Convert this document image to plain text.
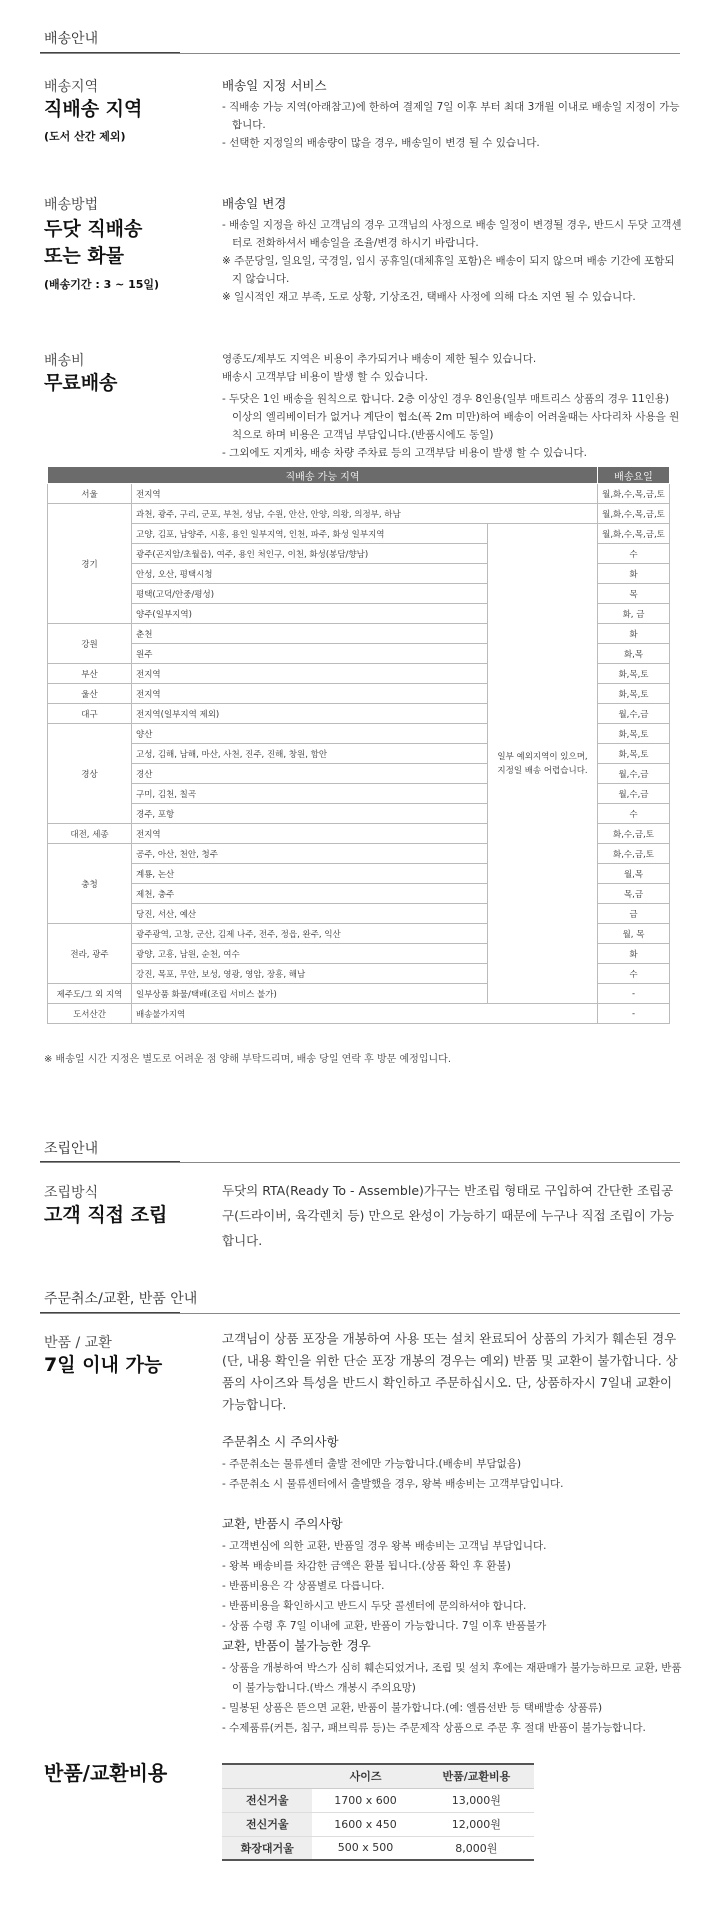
배송안내
배송지역
직배송 지역
(도서 산간 제외)
배송일 지정 서비스
- 직배송 가능 지역(아래참고)에 한하여 결제일 7일 이후 부터 최대 3개월 이내로 배송일 지정이 가능합니다.
- 선택한 지정일의 배송량이 많을 경우, 배송일이 변경 될 수 있습니다.
배송방법
두닷 직배송
또는 화물
(배송기간 : 3 ~ 15일)
배송일 변경
- 배송일 지정을 하신 고객님의 경우 고객님의 사정으로 배송 일정이 변경될 경우, 반드시 두닷 고객센터로 전화하셔서 배송일을 조율/변경 하시기 바랍니다.
※ 주문당일, 일요일, 국경일, 임시 공휴일(대체휴일 포함)은 배송이 되지 않으며 배송 기간에 포함되지 않습니다.
※ 일시적인 재고 부족, 도로 상황, 기상조건, 택배사 사정에 의해 다소 지연 될 수 있습니다.
배송비
무료배송
영종도/제부도 지역은 비용이 추가되거나 배송이 제한 될수 있습니다.
배송시 고객부담 비용이 발생 할 수 있습니다.
- 두닷은 1인 배송을 원칙으로 합니다. 2층 이상인 경우 8인용(일부 매트리스 상품의 경우 11인용) 이상의 엘리베이터가 없거나 계단이 협소(폭 2m 미만)하여 배송이 어려울때는 사다리차 사용을 원칙으로 하며 비용은 고객님 부담입니다.(반품시에도 동일)
- 그외에도 지게차, 배송 차량 주차료 등의 고객부담 비용이 발생 할 수 있습니다.
직배송 가능 지역			배송요일
서울	전지역		월,화,수,목,금,토
경기	과천, 광주, 구리, 군포, 부천, 성남, 수원, 안산, 안양, 의왕, 의정부, 하남		월,화,수,목,금,토
	고양, 김포, 남양주, 시흥, 용인 일부지역, 인천, 파주, 화성 일부지역	일부 예외지역이 있으며, 지정일 배송 어렵습니다.	월,화,수,목,금,토
	광주(곤지암/초월읍), 여주, 용인 처인구, 이천, 화성(봉담/향남)		수
	안성, 오산, 평택시청		화
	평택(고덕/안중/평성)		목
	양주(일부지역)		화, 금
강원	춘천		화
	원주		화,목
부산	전지역		화,목,토
울산	전지역		화,목,토
대구	전지역(일부지역 제외)		월,수,금
경상	양산		화,목,토
	고성, 김해, 남해, 마산, 사천, 진주, 진해, 창원, 함안		화,목,토
	경산		월,수,금
	구미, 김천, 칠곡		월,수,금
	경주, 포항		수
대전, 세종	전지역		화,수,금,토
충청	공주, 아산, 천안, 청주		화,수,금,토
	계룡, 논산		월,목
	제천, 충주		목,금
	당진, 서산, 예산		금
전라, 광주	광주광역, 고창, 군산, 김제 나주, 전주, 정읍, 완주, 익산		월, 목
	광양, 고흥, 남원, 순천, 여수		화
	강진, 목포, 무안, 보성, 영광, 영암, 장흥, 해남		수
제주도/그 외 지역	일부상품 화물/택배(조립 서비스 불가)		-
도서산간	배송불가지역		-
※ 배송일 시간 지정은 별도로 어려운 점 양해 부탁드리며, 배송 당일 연락 후 방문 예정입니다.
조립안내
조립방식
고객 직접 조립
두닷의 RTA(Ready To - Assemble)가구는 반조립 형태로 구입하여 간단한 조립공구(드라이버, 육각렌치 등) 만으로 완성이 가능하기 때문에 누구나 직접 조립이 가능합니다.
주문취소/교환, 반품 안내
반품 / 교환
7일 이내 가능
고객님이 상품 포장을 개봉하여 사용 또는 설치 완료되어 상품의 가치가 훼손된 경우(단, 내용 확인을 위한 단순 포장 개봉의 경우는 예외) 반품 및 교환이 불가합니다. 상품의 사이즈와 특성을 반드시 확인하고 주문하십시오. 단, 상품하자시 7일내 교환이 가능합니다.
주문취소 시 주의사항
- 주문취소는 물류센터 출발 전에만 가능합니다.(배송비 부담없음)
- 주문취소 시 물류센터에서 출발했을 경우, 왕복 배송비는 고객부담입니다.
교환, 반품시 주의사항
- 고객변심에 의한 교환, 반품일 경우 왕복 배송비는 고객님 부담입니다.
- 왕복 배송비를 차감한 금액은 환불 됩니다.(상품 확인 후 환불)
- 반품비용은 각 상품별로 다릅니다.
- 반품비용을 확인하시고 반드시 두닷 콜센터에 문의하셔야 합니다.
- 상품 수령 후 7일 이내에 교환, 반품이 가능합니다. 7일 이후 반품불가
교환, 반품이 불가능한 경우
- 상품을 개봉하여 박스가 심히 훼손되었거나, 조립 및 설치 후에는 재판매가 불가능하므로 교환, 반품이 불가능합니다.(박스 개봉시 주의요망)
- 밀봉된 상품은 뜯으면 교환, 반품이 불가합니다.(예: 엘름선반 등 택배발송 상품류)
- 수제품류(커튼, 침구, 패브릭류 등)는 주문제작 상품으로 주문 후 절대 반품이 불가능합니다.
반품/교환비용
		사이즈	반품/교환비용
전신거울	1700 x 600	13,000원
전신거울	1600 x 450	12,000원
화장대거울	500 x 500	8,000원
